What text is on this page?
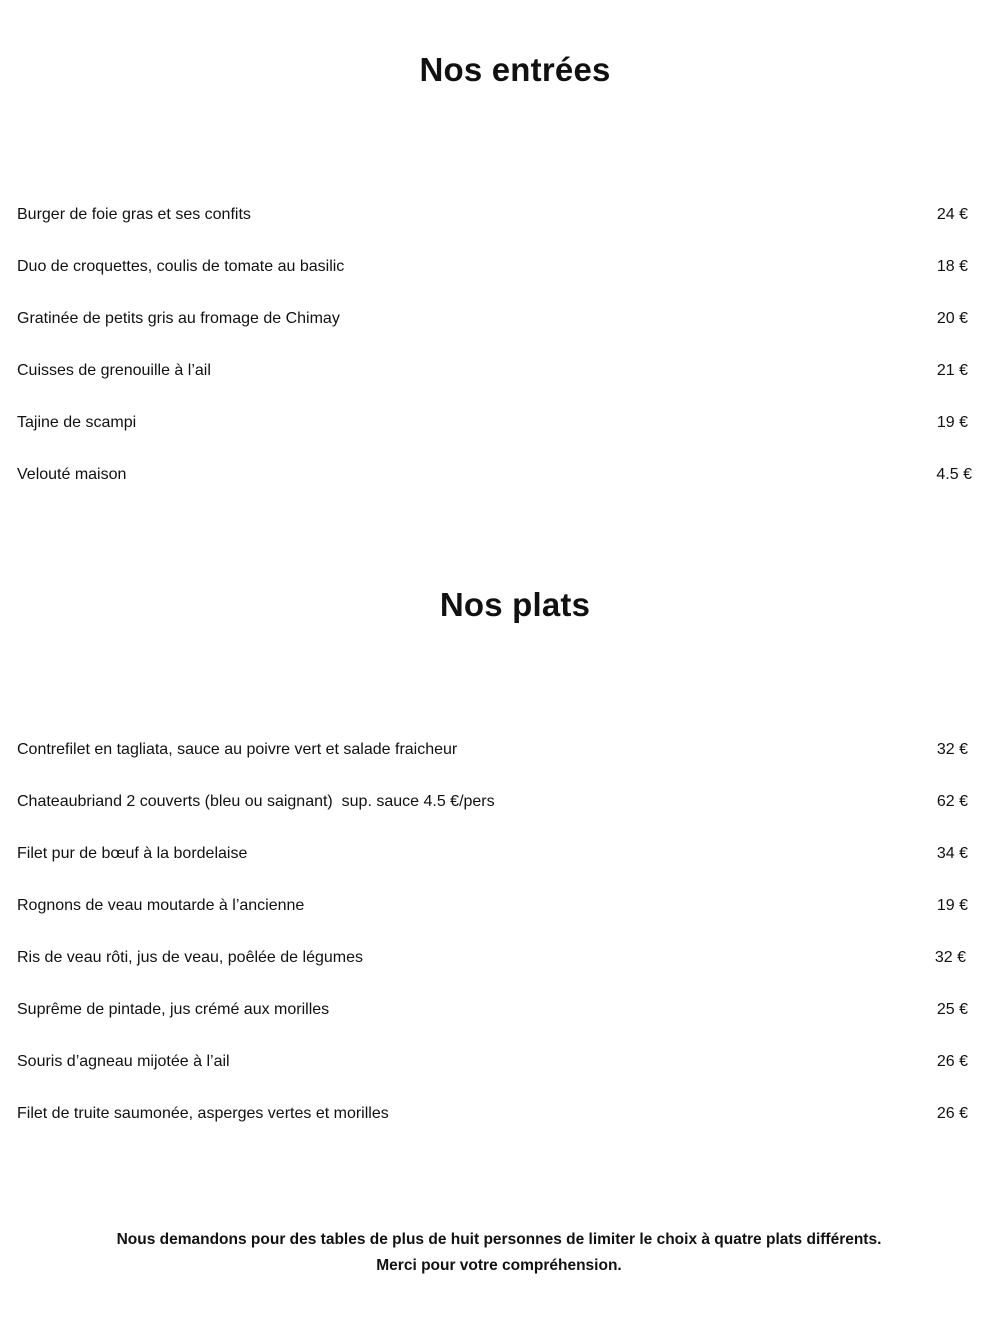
Nos entrées
Burger de foie gras et ses confits	24 €
Duo de croquettes, coulis de tomate au basilic	18 €
Gratinée de petits gris au fromage de Chimay	20 €
Cuisses de grenouille à l’ail	21 €
Tajine de scampi	19 €
Velouté maison	4.5 €
Nos plats
Contrefilet en tagliata, sauce au poivre vert et salade fraicheur	32 €
Chateaubriand 2 couverts (bleu ou saignant)  sup. sauce 4.5 €/pers	62 €
Filet pur de bœuf à la bordelaise	34 €
Rognons de veau moutarde à l’ancienne	19 €
Ris de veau rôti, jus de veau, poêlée de légumes	32 €
Suprême de pintade, jus crémé aux morilles	25 €
Souris d’agneau mijotée à l’ail	26 €
Filet de truite saumonée, asperges vertes et morilles	26 €

Nous demandons pour des tables de plus de huit personnes de limiter le choix à quatre plats différents.

Merci pour votre compréhension.
